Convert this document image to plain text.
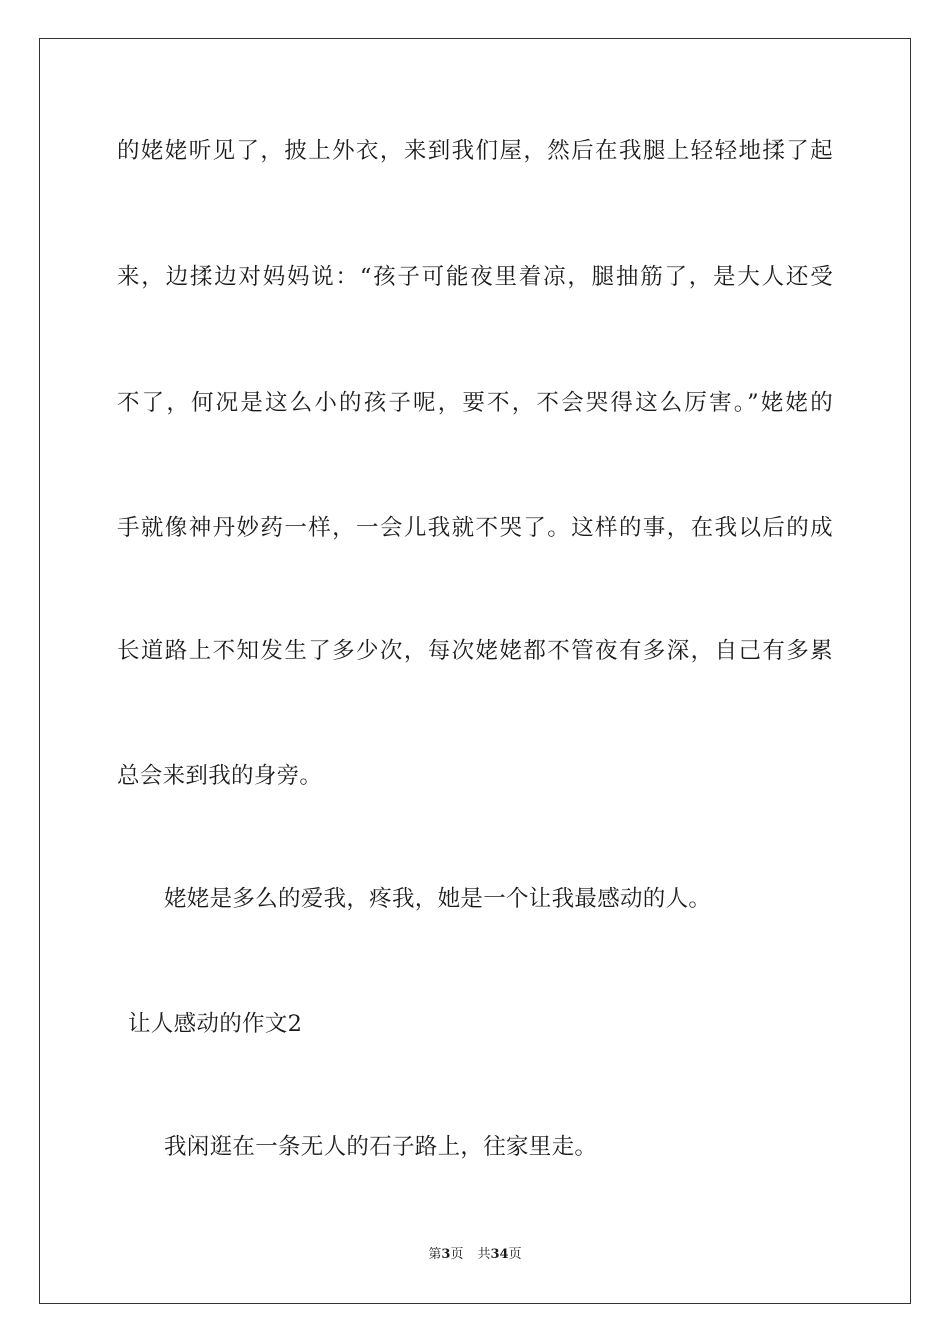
的姥姥听见了，披上外衣，来到我们屋，然后在我腿上轻轻地揉了起
来，边揉边对妈妈说：“孩子可能夜里着凉，腿抽筋了，是大人还受
不了，何况是这么小的孩子呢，要不，不会哭得这么厉害。”姥姥的
手就像神丹妙药一样，一会儿我就不哭了。这样的事，在我以后的成
长道路上不知发生了多少次，每次姥姥都不管夜有多深，自己有多累
总会来到我的身旁。
姥姥是多么的爱我，疼我，她是一个让我最感动的人。
让人感动的作文2
我闲逛在一条无人的石子路上，往家里走。
第3页 共34页
